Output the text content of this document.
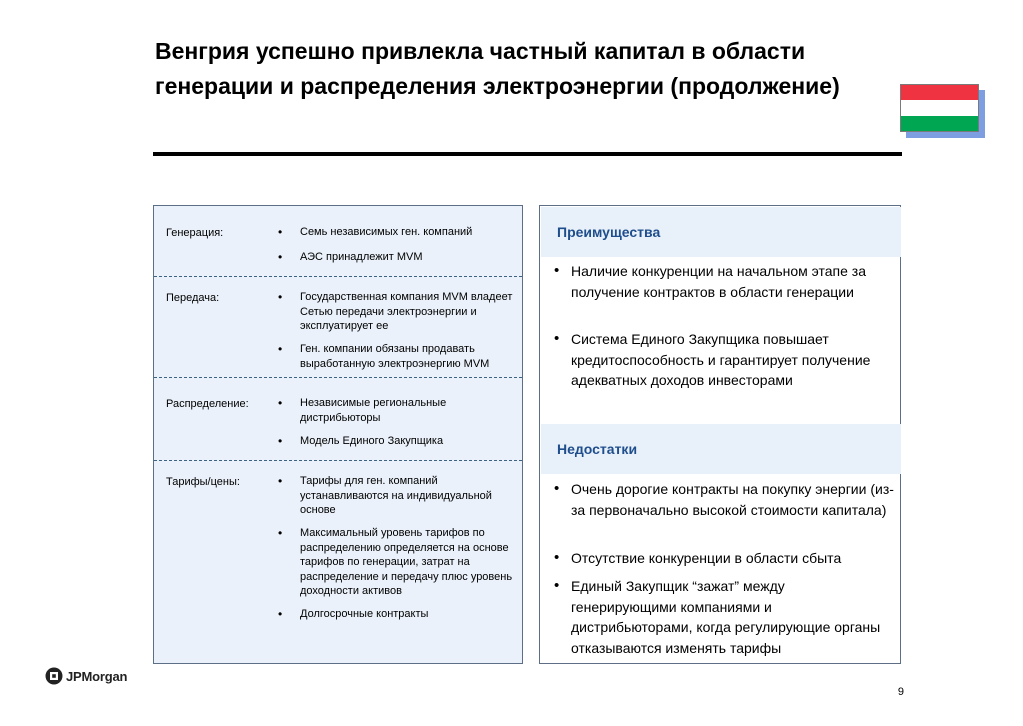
Венгрия успешно привлекла частный капитал в области генерации и распределения электроэнергии (продолжение)
Генерация:	• Семь независимых ген. компаний
• АЭС принадлежит MVM
Передача:	• Государственная компания MVM владеет Сетью передачи электроэнергии и эксплуатирует ее
• Ген. компании обязаны продавать выработанную электроэнергию MVM
Распределение: • Независимые региональные дистрибьюторы
• Модель Единого Закупщика
Тарифы/цены:	• Тарифы для ген. компаний устанавливаются на индивидуальной основе
• Максимальный уровень тарифов по распределению определяется на основе тарифов по генерации, затрат на распределение и передачу плюс уровень доходности активов
• Долгосрочные контракты
Преимущества
• Наличие конкуренции на начальном этапе за получение контрактов в области генерации
• Система Единого Закупщика повышает кредитоспособность и гарантирует получение адекватных доходов инвесторами
Недостатки
• Очень дорогие контракты на покупку энергии (из-за первоначально высокой стоимости капитала)
• Отсутствие конкуренции в области сбыта
• Единый Закупщик “зажат” между генерирующими компаниями и дистрибьюторами, когда регулирующие органы отказываются изменять тарифы
JPMorgan
9
